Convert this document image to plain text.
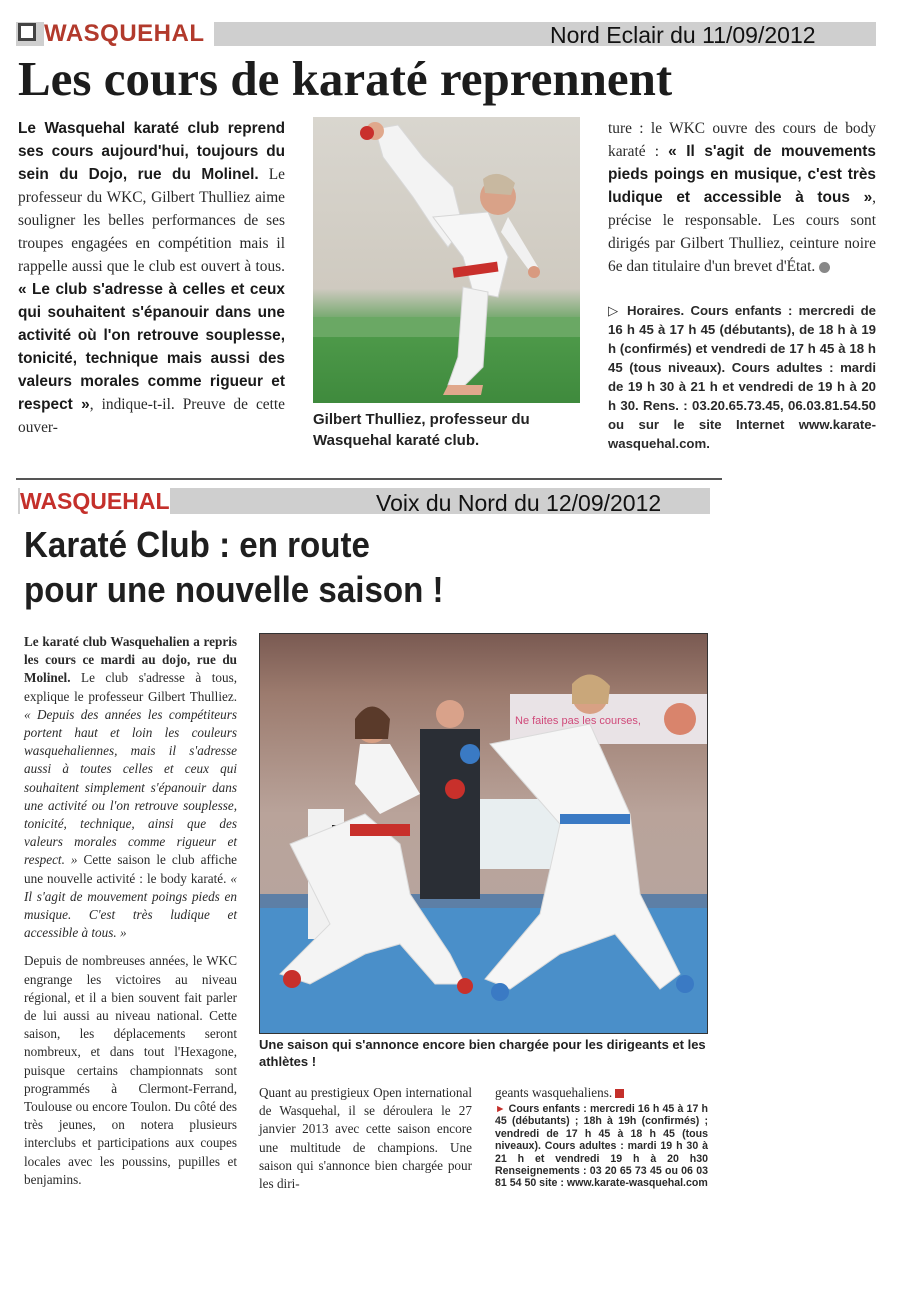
WASQUEHAL	Nord Eclair du 11/09/2012
Les cours de karaté reprennent

Le Wasquehal karaté club reprend ses cours aujourd'hui, toujours du sein du Dojo, rue du Molinel. Le professeur du WKC, Gilbert Thulliez aime souligner les belles performances de ses troupes engagées en compétition mais il rappelle aussi que le club est ouvert à tous. « Le club s'adresse à celles et ceux qui souhaitent s'épanouir dans une activité où l'on retrouve souplesse, tonicité, technique mais aussi des valeurs morales comme rigueur et respect », indique-t-il. Preuve de cette ouver-	Gilbert Thulliez, professeur du Wasquehal karaté club.

ture : le WKC ouvre des cours de body karaté : « Il s'agit de mouvements pieds poings en musique, c'est très ludique et accessible à tous », précise le responsable. Les cours sont dirigés par Gilbert Thulliez, ceinture noire 6e dan titulaire d'un brevet d'État.

▷ Horaires. Cours enfants : mercredi de 16 h 45 à 17 h 45 (débutants), de 18 h à 19 h (confirmés) et vendredi de 17 h 45 à 18 h 45 (tous niveaux). Cours adultes : mardi de 19 h 30 à 21 h et vendredi de 19 h à 20 h 30. Rens. : 03.20.65.73.45, 06.03.81.54.50 ou sur le site Internet www.karate-wasquehal.com.
WASQUEHAL	Voix du Nord du 12/09/2012
Karaté Club : en route
pour une nouvelle saison !

Le karaté club Wasquehalien a repris les cours ce mardi au dojo, rue du Molinel. Le club s'adresse à tous, explique le professeur Gilbert Thulliez. « Depuis des années les compétiteurs portent haut et loin les couleurs wasquehaliennes, mais il s'adresse aussi à toutes celles et ceux qui souhaitent simplement s'épanouir dans une activité ou l'on retrouve souplesse, tonicité, technique, ainsi que des valeurs morales comme rigueur et respect. » Cette saison le club affiche une nouvelle activité : le body karaté. « Il s'agit de mouvement poings pieds en musique. C'est très ludique et accessible à tous. »

Depuis de nombreuses années, le WKC engrange les victoires au niveau régional, et il a bien souvent fait parler de lui aussi au niveau national. Cette saison, les déplacements seront nombreux, et dans tout l'Hexagone, puisque certains championnats sont programmés à Clermont-Ferrand, Toulouse ou encore Toulon. Du côté des très jeunes, on notera plusieurs interclubs et participations aux coupes locales avec les poussins, pupilles et benjamins.

Ne faites pas les courses,
Une saison qui s'annonce encore bien chargée pour les dirigeants et les athlètes !

Quant au prestigieux Open international de Wasquehal, il se déroulera le 27 janvier 2013 avec cette saison encore une multitude de champions. Une saison qui s'annonce bien chargée pour les diri-

geants wasquehaliens.

► Cours enfants : mercredi 16 h 45 à 17 h 45 (débutants) ; 18h à 19h (confirmés) ; vendredi de 17 h 45 à 18 h 45 (tous niveaux). Cours adultes : mardi 19 h 30 à 21 h et vendredi 19 h à 20 h30 Renseignements : 03 20 65 73 45 ou 06 03 81 54 50 site : www.karate-wasquehal.com
